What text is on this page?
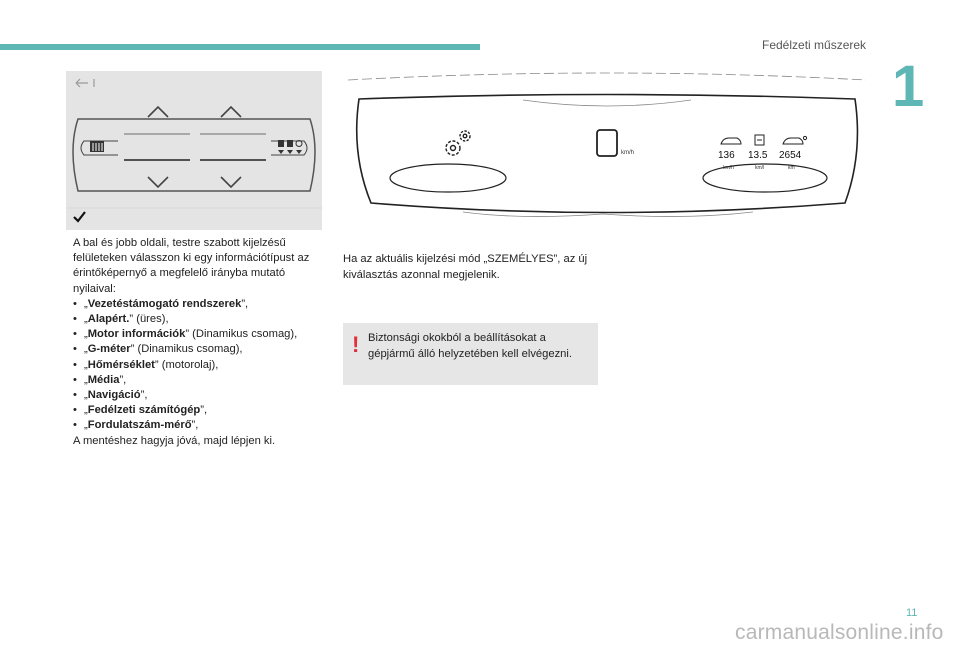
Fedélzeti műszerek
1
km/h	136 13.5 2654
km/h	km/l	km
A bal és jobb oldali, testre szabott kijelzésű felületeken válasszon ki egy információtípust az érintőképernyő a megfelelő irányba mutató nyilaival:
• „Vezetéstámogató rendszerek”,
• „Alapért.” (üres),
• „Motor információk” (Dinamikus csomag),
• „G-méter” (Dinamikus csomag),
• „Hőmérséklet” (motorolaj),
• „Média”,
• „Navigáció”,
• „Fedélzeti számítógép”,
• „Fordulatszám-mérő”,
A mentéshez hagyja jóvá, majd lépjen ki.
Ha az aktuális kijelzési mód „SZEMÉLYES”, az új kiválasztás azonnal megjelenik.
! Biztonsági okokból a beállításokat a gépjármű álló helyzetében kell elvégezni.
11
carmanualsonline.info
